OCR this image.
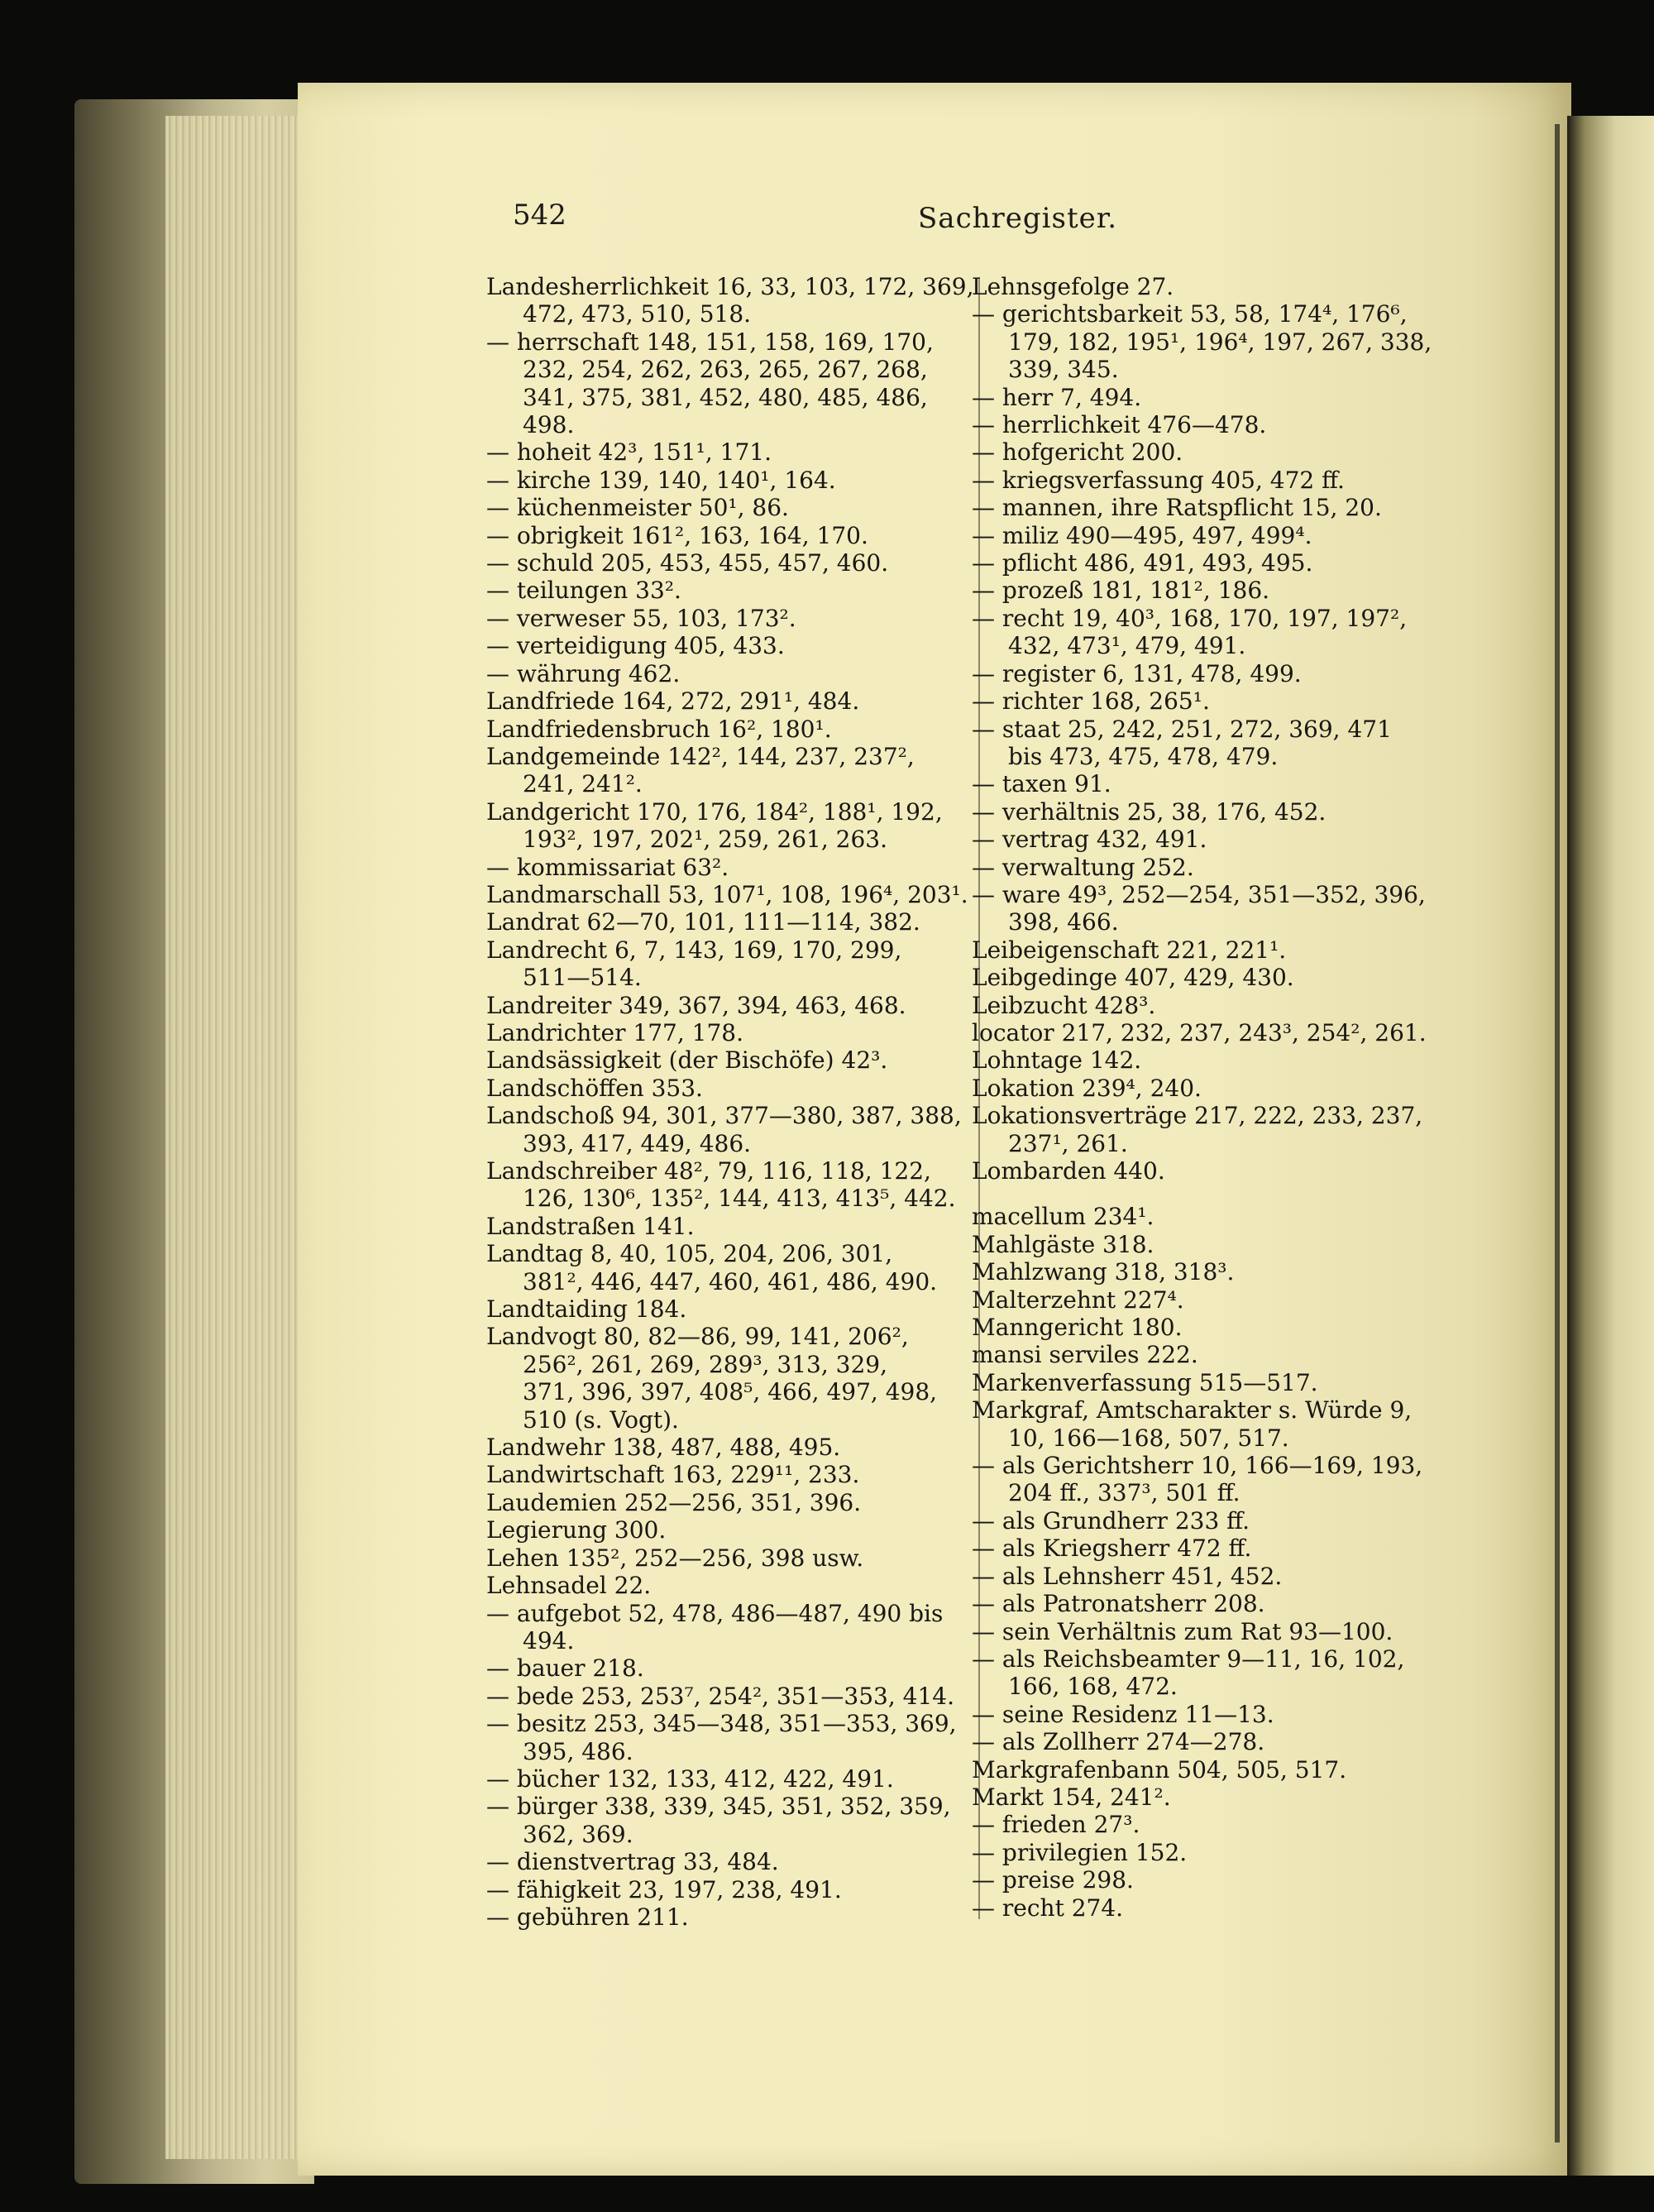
542	Sachregister.
Landesherrlichkeit 16, 33, 103, 172, 369,
472, 473, 510, 518.
— herrschaft 148, 151, 158, 169, 170,
232, 254, 262, 263, 265, 267, 268,
341, 375, 381, 452, 480, 485, 486,
498.
— hoheit 42³, 151¹, 171.
— kirche 139, 140, 140¹, 164.
— küchenmeister 50¹, 86.
— obrigkeit 161², 163, 164, 170.
— schuld 205, 453, 455, 457, 460.
— teilungen 33².
— verweser 55, 103, 173².
— verteidigung 405, 433.
— währung 462.
Landfriede 164, 272, 291¹, 484.
Landfriedensbruch 16², 180¹.
Landgemeinde 142², 144, 237, 237²,
241, 241².
Landgericht 170, 176, 184², 188¹, 192,
193², 197, 202¹, 259, 261, 263.
— kommissariat 63².
Landmarschall 53, 107¹, 108, 196⁴, 203¹.
Landrat 62—70, 101, 111—114, 382.
Landrecht 6, 7, 143, 169, 170, 299,
511—514.
Landreiter 349, 367, 394, 463, 468.
Landrichter 177, 178.
Landsässigkeit (der Bischöfe) 42³.
Landschöffen 353.
Landschoß 94, 301, 377—380, 387, 388,
393, 417, 449, 486.
Landschreiber 48², 79, 116, 118, 122,
126, 130⁶, 135², 144, 413, 413⁵, 442.
Landstraßen 141.
Landtag 8, 40, 105, 204, 206, 301,
381², 446, 447, 460, 461, 486, 490.
Landtaiding 184.
Landvogt 80, 82—86, 99, 141, 206²,
256², 261, 269, 289³, 313, 329,
371, 396, 397, 408⁵, 466, 497, 498,
510 (s. Vogt).
Landwehr 138, 487, 488, 495.
Landwirtschaft 163, 229¹¹, 233.
Laudemien 252—256, 351, 396.
Legierung 300.
Lehen 135², 252—256, 398 usw.
Lehnsadel 22.
— aufgebot 52, 478, 486—487, 490 bis
494.
— bauer 218.
— bede 253, 253⁷, 254², 351—353, 414.
— besitz 253, 345—348, 351—353, 369,
395, 486.
— bücher 132, 133, 412, 422, 491.
— bürger 338, 339, 345, 351, 352, 359,
362, 369.
— dienstvertrag 33, 484.
— fähigkeit 23, 197, 238, 491.
— gebühren 211.
Lehnsgefolge 27.
— gerichtsbarkeit 53, 58, 174⁴, 176⁶,
179, 182, 195¹, 196⁴, 197, 267, 338,
339, 345.
— herr 7, 494.
— herrlichkeit 476—478.
— hofgericht 200.
— kriegsverfassung 405, 472 ff.
— mannen, ihre Ratspflicht 15, 20.
— miliz 490—495, 497, 499⁴.
— pflicht 486, 491, 493, 495.
— prozeß 181, 181², 186.
— recht 19, 40³, 168, 170, 197, 197²,
432, 473¹, 479, 491.
— register 6, 131, 478, 499.
— richter 168, 265¹.
— staat 25, 242, 251, 272, 369, 471
bis 473, 475, 478, 479.
— taxen 91.
— verhältnis 25, 38, 176, 452.
— vertrag 432, 491.
— verwaltung 252.
— ware 49³, 252—254, 351—352, 396,
398, 466.
Leibeigenschaft 221, 221¹.
Leibgedinge 407, 429, 430.
Leibzucht 428³.
locator 217, 232, 237, 243³, 254², 261.
Lohntage 142.
Lokation 239⁴, 240.
Lokationsverträge 217, 222, 233, 237,
237¹, 261.
Lombarden 440.
macellum 234¹.
Mahlgäste 318.
Mahlzwang 318, 318³.
Malterzehnt 227⁴.
Manngericht 180.
mansi serviles 222.
Markenverfassung 515—517.
Markgraf, Amtscharakter s. Würde 9,
10, 166—168, 507, 517.
— als Gerichtsherr 10, 166—169, 193,
204 ff., 337³, 501 ff.
— als Grundherr 233 ff.
— als Kriegsherr 472 ff.
— als Lehnsherr 451, 452.
— als Patronatsherr 208.
— sein Verhältnis zum Rat 93—100.
— als Reichsbeamter 9—11, 16, 102,
166, 168, 472.
— seine Residenz 11—13.
— als Zollherr 274—278.
Markgrafenbann 504, 505, 517.
Markt 154, 241².
— frieden 27³.
— privilegien 152.
— preise 298.
— recht 274.
